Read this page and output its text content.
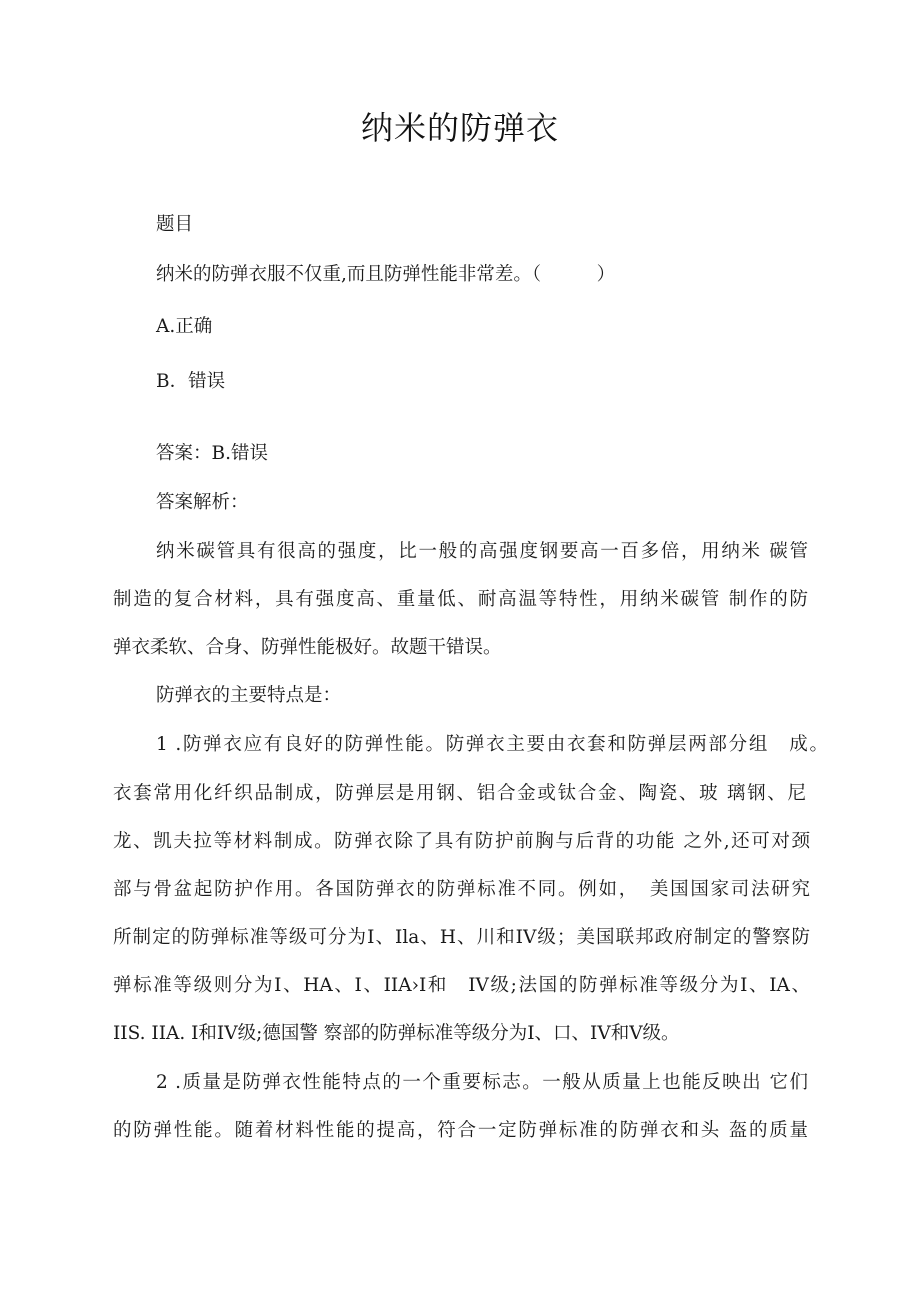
纳米的防弹衣
题目
纳米的防弹衣服不仅重,而且防弹性能非常差。（　　　）
A.正确
B．错误
答案：B.错误
答案解析：
纳米碳管具有很高的强度，比一般的高强度钢要高一百多倍，用纳米 碳管
制造的复合材料，具有强度高、重量低、耐高温等特性，用纳米碳管 制作的防
弹衣柔软、合身、防弹性能极好。故题干错误。
防弹衣的主要特点是：
1 .防弹衣应有良好的防弹性能。防弹衣主要由衣套和防弹层两部分组　成。
衣套常用化纤织品制成，防弹层是用钢、铝合金或钛合金、陶瓷、玻 璃钢、尼
龙、凯夫拉等材料制成。防弹衣除了具有防护前胸与后背的功能 之外,还可对颈
部与骨盆起防护作用。各国防弹衣的防弹标准不同。例如，　美国国家司法研究
所制定的防弹标准等级可分为I、Ila、H、川和IV级；美国联邦政府制定的警察防
弹标准等级则分为I、HA、I、IIA›I和　IV级;法国的防弹标准等级分为I、IA、
IIS. IIA. I和IV级;德国警 察部的防弹标准等级分为I、口、IV和V级。
2 .质量是防弹衣性能特点的一个重要标志。一般从质量上也能反映出 它们
的防弹性能。随着材料性能的提高，符合一定防弹标准的防弹衣和头 盔的质量
